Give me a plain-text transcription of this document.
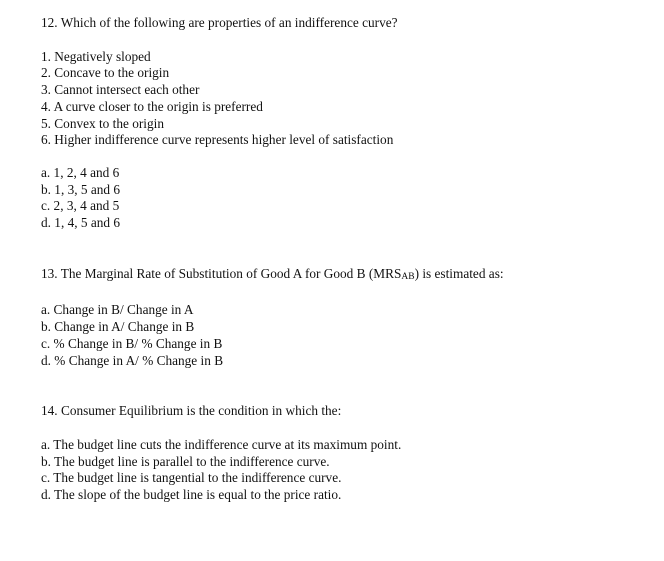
12. Which of the following are properties of an indifference curve?

1. Negatively sloped
2. Concave to the origin
3. Cannot intersect each other
4. A curve closer to the origin is preferred
5. Convex to the origin
6. Higher indifference curve represents higher level of satisfaction
a. 1, 2, 4 and 6
b. 1, 3, 5 and 6
c. 2, 3, 4 and 5
d. 1, 4, 5 and 6

13. The Marginal Rate of Substitution of Good A for Good B (MRSAB) is estimated as:

a. Change in B/ Change in A
b. Change in A/ Change in B
c. % Change in B/ % Change in B
d. % Change in A/ % Change in B

14. Consumer Equilibrium is the condition in which the:

a. The budget line cuts the indifference curve at its maximum point.
b. The budget line is parallel to the indifference curve.
c. The budget line is tangential to the indifference curve.
d. The slope of the budget line is equal to the price ratio.
